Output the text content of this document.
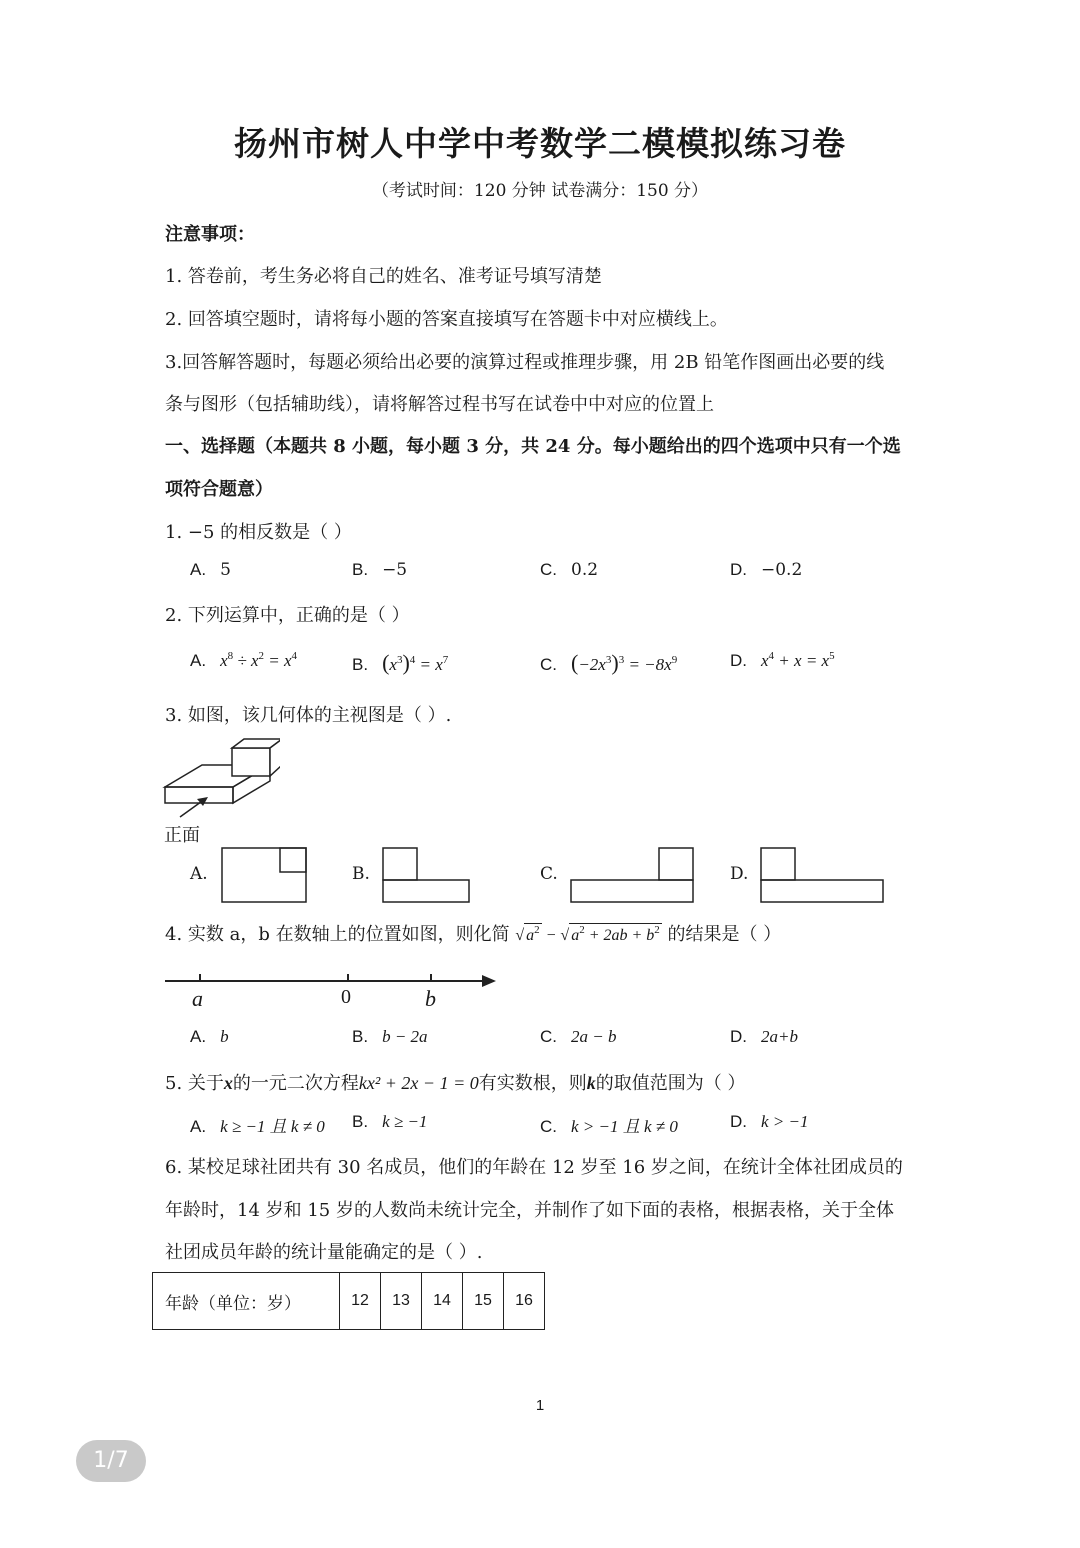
扬州市树人中学中考数学二模模拟练习卷
（考试时间：120 分钟 试卷满分：150 分）
注意事项：
1. 答卷前，考生务必将自己的姓名、准考证号填写清楚
2. 回答填空题时，请将每小题的答案直接填写在答题卡中对应横线上。
3.回答解答题时，每题必须给出必要的演算过程或推理步骤，用 2B 铅笔作图画出必要的线
条与图形（包括辅助线），请将解答过程书写在试卷中中对应的位置上
一、选择题（本题共 8 小题，每小题 3 分，共 24 分。每小题给出的四个选项中只有一个选
项符合题意）
1. −5 的相反数是（ ）
A. 5	B. −5	C. 0.2	D. −0.2
2. 下列运算中，正确的是（ ）
A. $x^8 \div x^2 = x^4$	B. $(x^3)^4 = x^7$	C. $(-2x^3)^3 = -8x^9$	D. $x^4 + x = x^5$
3. 如图，该几何体的主视图是（ ）.
正面
A.	B.	C.	D.
4. 实数 a，b 在数轴上的位置如图，则化简 √ $a^2$ − √ $a^2 + 2ab + b^2$ 的结果是（ ）
a	0	b
A. b	B. b − 2a	C. 2a − b	D. 2a+b
5. 关于x的一元二次方程kx² + 2x − 1 = 0有实数根，则k的取值范围为（ ）
A. k ≥ −1 且 k ≠ 0 B. k ≥ −1	C. k > −1 且 k ≠ 0	D. k > −1
6. 某校足球社团共有 30 名成员，他们的年龄在 12 岁至 16 岁之间，在统计全体社团成员的
年龄时，14 岁和 15 岁的人数尚未统计完全，并制作了如下面的表格，根据表格，关于全体
社团成员年龄的统计量能确定的是（ ）.
年龄（单位：岁）	12	13	14	15	16
1
1/7
